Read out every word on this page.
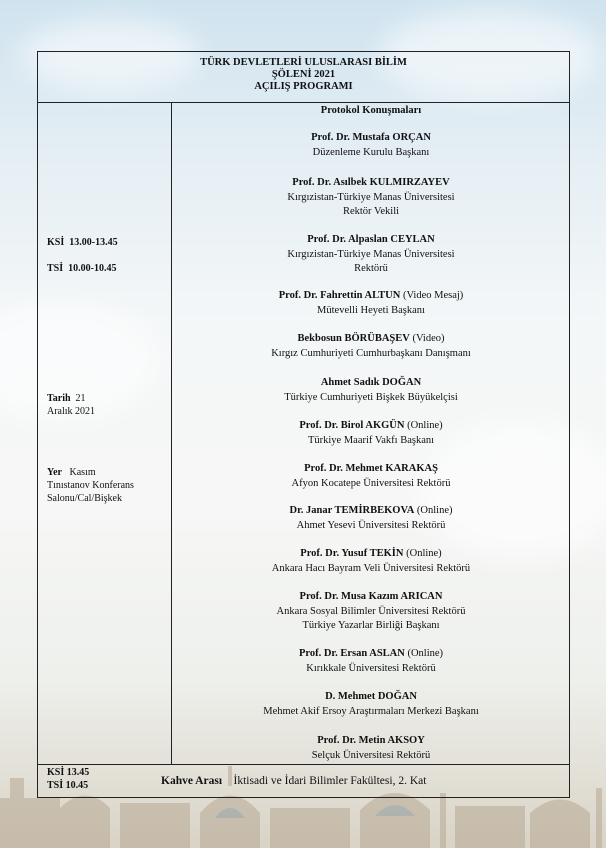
TÜRK DEVLETLERİ ULUSLARASI BİLİM
ŞÖLENİ 2021
AÇILIŞ PROGRAMI
KSİ 13.00-13.45
TSİ 10.00-10.45
Tarih 21
Aralık 2021
Yer Kasım
Tınıstanov Konferans
Salonu/Cal/Bişkek
Protokol Konuşmaları
Prof. Dr. Mustafa ORÇAN
Düzenleme Kurulu Başkanı
Prof. Dr. Asılbek KULMIRZAYEV
Kırgızistan-Türkiye Manas Üniversitesi
Rektör Vekili
Prof. Dr. Alpaslan CEYLAN
Kırgızistan-Türkiye Manas Üniversitesi
Rektörü
Prof. Dr. Fahrettin ALTUN (Video Mesaj)
Mütevelli Heyeti Başkanı
Bekbosun BÖRÜBAŞEV (Video)
Kırgız Cumhuriyeti Cumhurbaşkanı Danışmanı
Ahmet Sadık DOĞAN
Türkiye Cumhuriyeti Bişkek Büyükelçisi
Prof. Dr. Birol AKGÜN (Online)
Türkiye Maarif Vakfı Başkanı
Prof. Dr. Mehmet KARAKAŞ
Afyon Kocatepe Üniversitesi Rektörü
Dr. Janar TEMİRBEKOVA (Online)
Ahmet Yesevi Üniversitesi Rektörü
Prof. Dr. Yusuf TEKİN (Online)
Ankara Hacı Bayram Veli Üniversitesi Rektörü
Prof. Dr. Musa Kazım ARICAN
Ankara Sosyal Bilimler Üniversitesi Rektörü
Türkiye Yazarlar Birliği Başkanı
Prof. Dr. Ersan ASLAN (Online)
Kırıkkale Üniversitesi Rektörü
D. Mehmet DOĞAN
Mehmet Akif Ersoy Araştırmaları Merkezi Başkanı
Prof. Dr. Metin AKSOY
Selçuk Üniversitesi Rektörü
KSİ 13.45
TSİ 10.45	Kahve Arası İktisadi ve İdari Bilimler Fakültesi, 2. Kat
